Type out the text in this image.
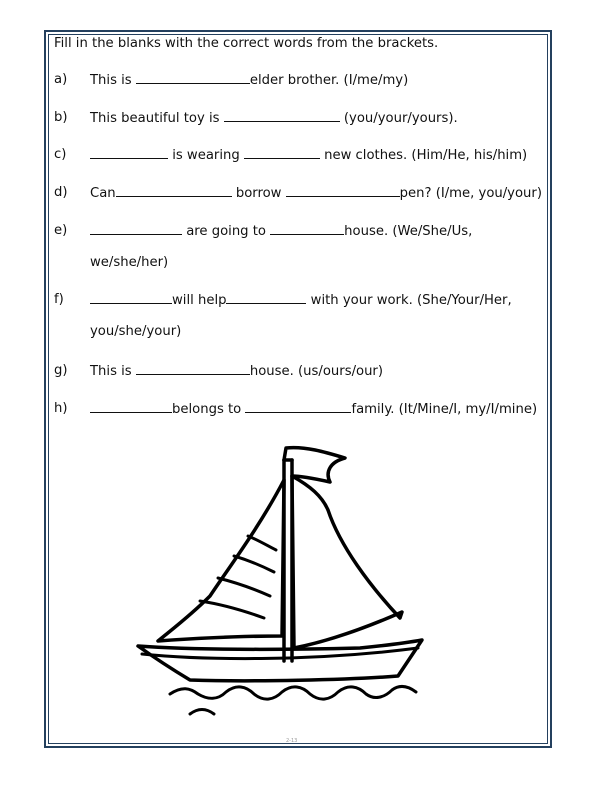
Fill in the blanks with the correct words from the brackets.
a) This is	elder brother. (I/me/my)
b) This beautiful toy is	(you/your/yours).
c)	is wearing	new clothes. (Him/He, his/him)
d) Can	borrow	pen? (I/me, you/your)
e)	are going to	house. (We/She/Us,
we/she/her)
f)	will help	with your work. (She/Your/Her,
you/she/your)
g) This is	house. (us/ours/our)
h)	belongs to	family. (It/Mine/I, my/I/mine)
2-13
